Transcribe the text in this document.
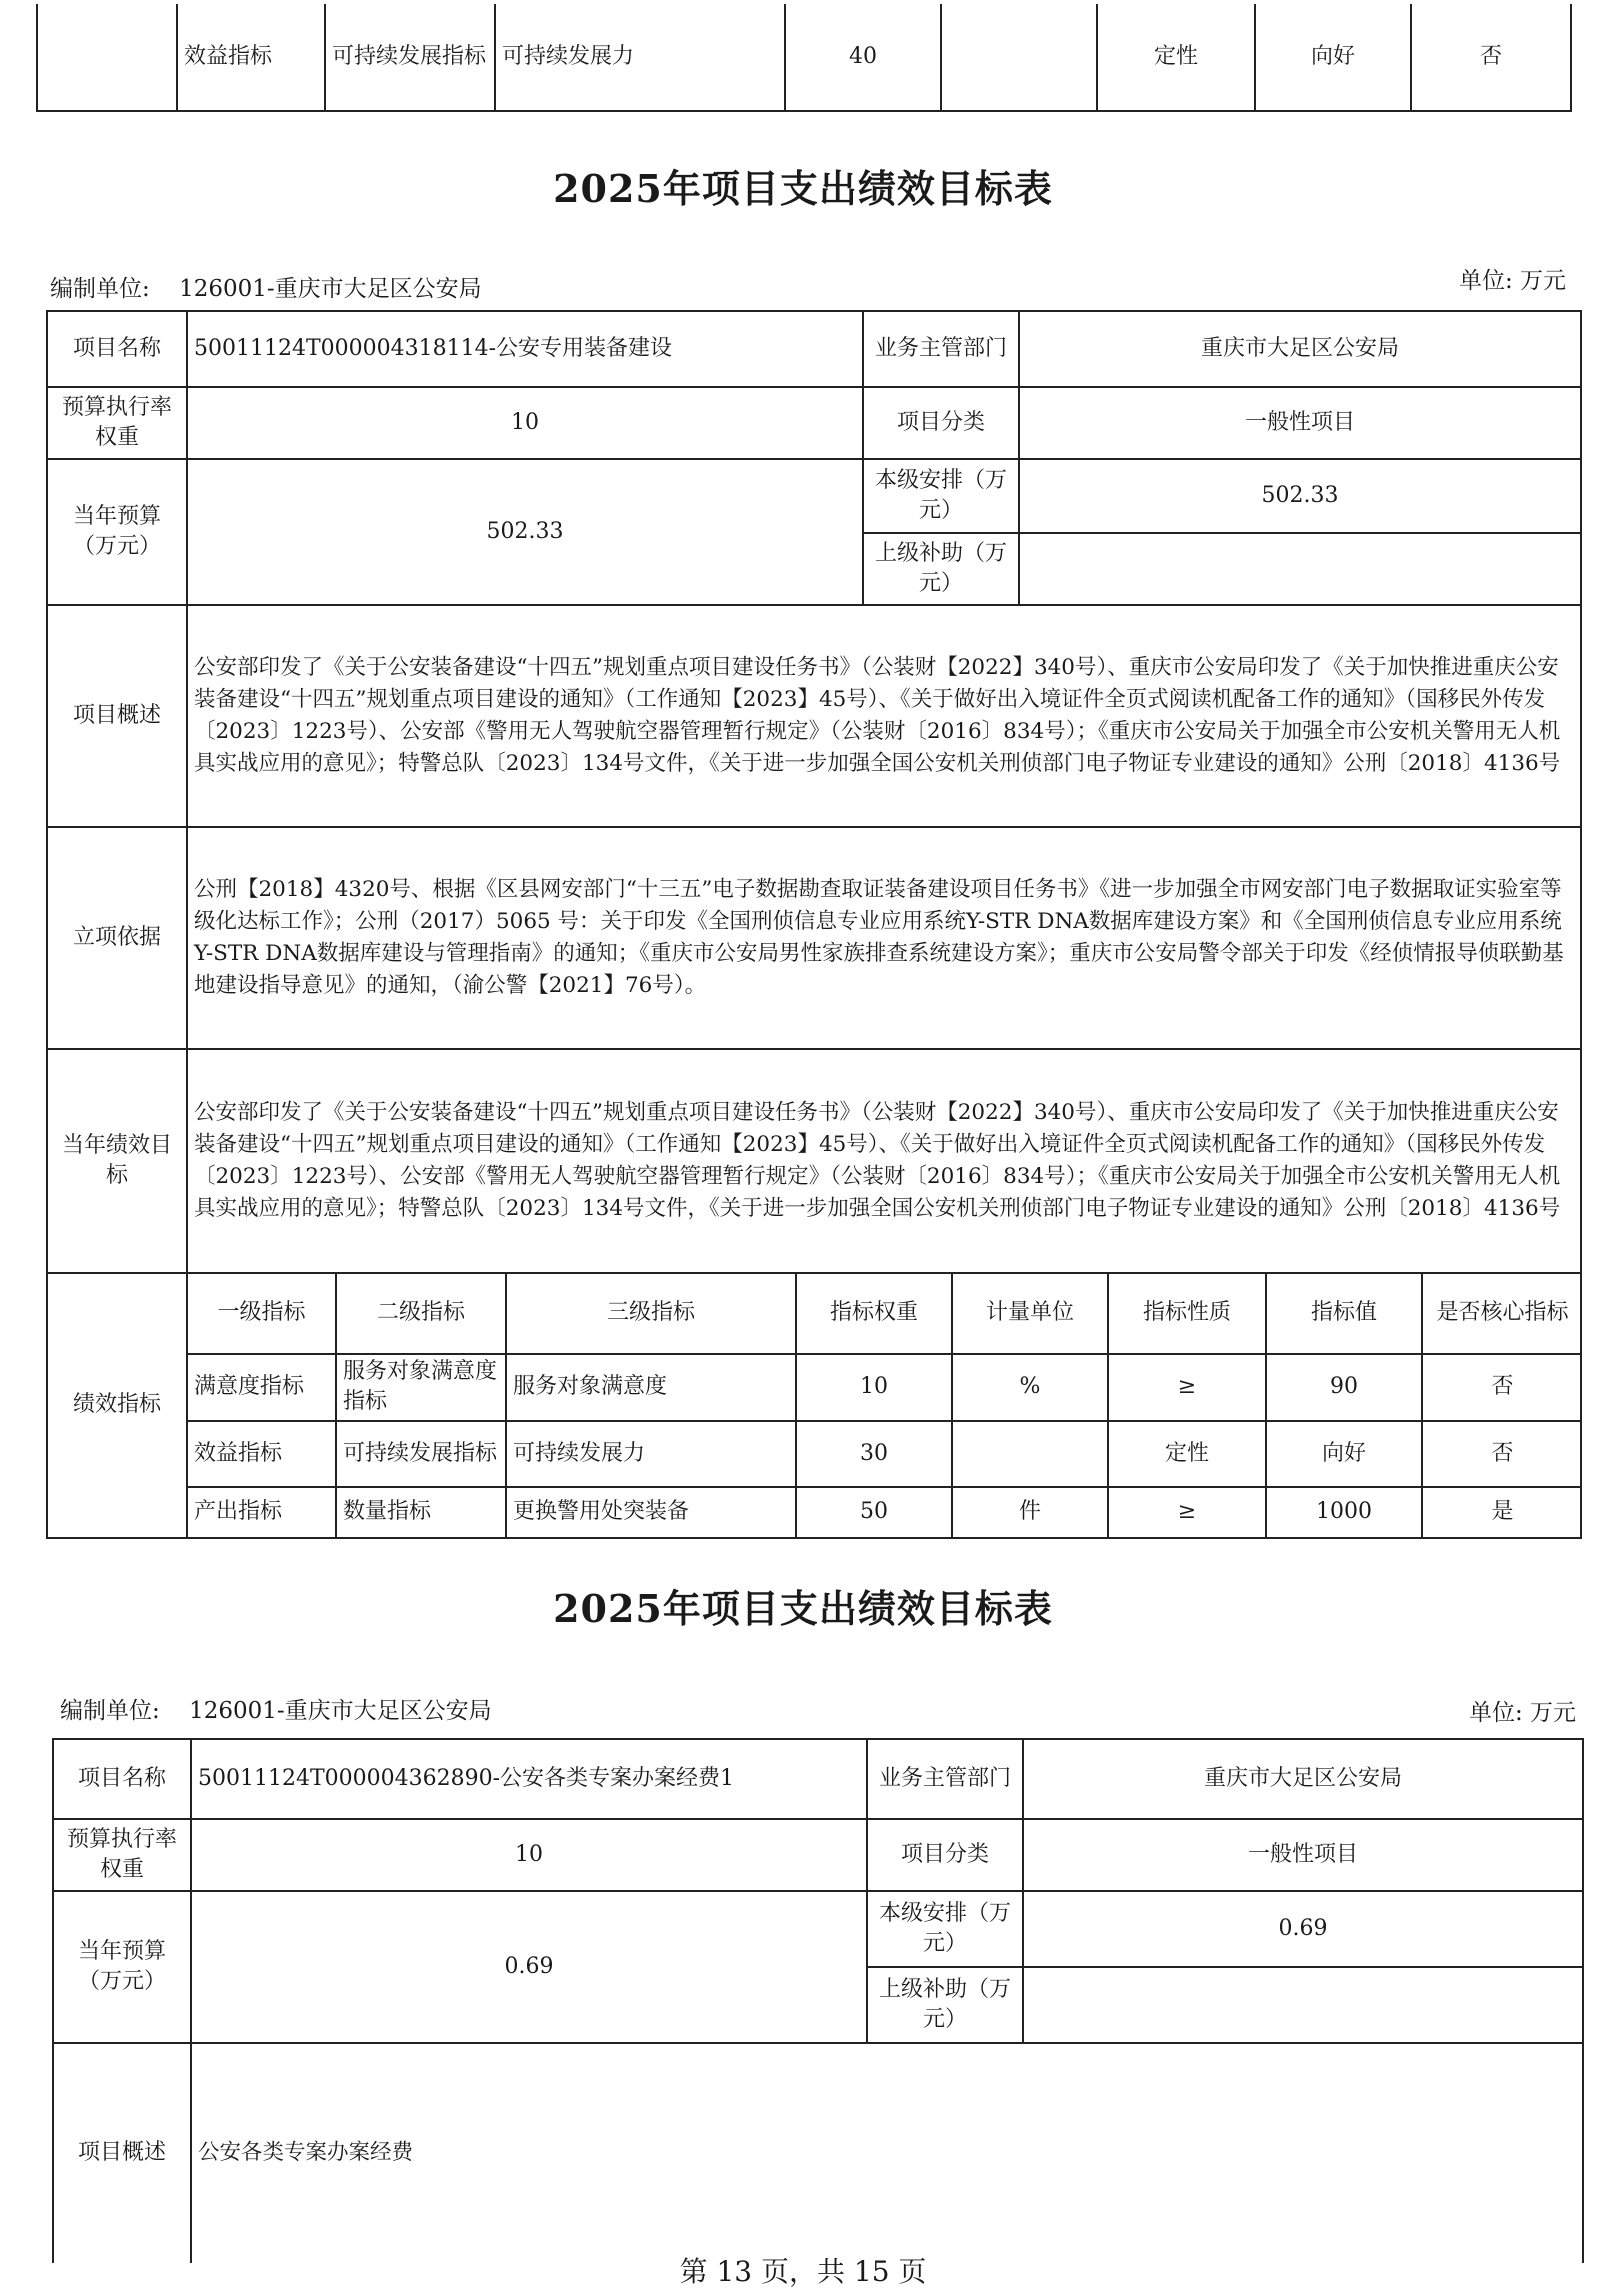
	效益指标	可持续发展指标	可持续发展力	40		定性	向好	否
2025年项目支出绩效目标表
编制单位: 126001-重庆市大足区公安局	单位: 万元
项目名称	50011124T000004318114-公安专用装备建设	业务主管部门	重庆市大足区公安局
预算执行率权重	10	项目分类	一般性项目
当年预算（万元）	502.33	本级安排（万元）	502.33
上级补助（万元）	
项目概述	公安部印发了《关于公安装备建设“十四五”规划重点项目建设任务书》（公装财【2022】340号）、重庆市公安局印发了《关于加快推进重庆公安装备建设“十四五”规划重点项目建设的通知》（工作通知【2023】45号）、《关于做好出入境证件全页式阅读机配备工作的通知》（国移民外传发〔2023〕1223号）、公安部《警用无人驾驶航空器管理暂行规定》（公装财〔2016〕834号）；《重庆市公安局关于加强全市公安机关警用无人机具实战应用的意见》；特警总队〔2023〕134号文件，《关于进一步加强全国公安机关刑侦部门电子物证专业建设的通知》公刑〔2018〕4136号
立项依据	公刑【2018】4320号、根据《区县网安部门“十三五”电子数据勘查取证装备建设项目任务书》《进一步加强全市网安部门电子数据取证实验室等级化达标工作》；公刑（2017）5065 号：关于印发《全国刑侦信息专业应用系统Y-STR DNA数据库建设方案》和《全国刑侦信息专业应用系统Y-STR DNA数据库建设与管理指南》的通知；《重庆市公安局男性家族排查系统建设方案》；重庆市公安局警令部关于印发《经侦情报导侦联勤基地建设指导意见》的通知，（渝公警【2021】76号）。
当年绩效目标	公安部印发了《关于公安装备建设“十四五”规划重点项目建设任务书》（公装财【2022】340号）、重庆市公安局印发了《关于加快推进重庆公安装备建设“十四五”规划重点项目建设的通知》（工作通知【2023】45号）、《关于做好出入境证件全页式阅读机配备工作的通知》（国移民外传发〔2023〕1223号）、公安部《警用无人驾驶航空器管理暂行规定》（公装财〔2016〕834号）；《重庆市公安局关于加强全市公安机关警用无人机具实战应用的意见》；特警总队〔2023〕134号文件，《关于进一步加强全国公安机关刑侦部门电子物证专业建设的通知》公刑〔2018〕4136号
绩效指标	
一级指标	二级指标	三级指标	指标权重	计量单位	指标性质	指标值	是否核心指标
满意度指标	服务对象满意度指标	服务对象满意度	10	%	≥	90	否
效益指标	可持续发展指标	可持续发展力	30		定性	向好	否
产出指标	数量指标	更换警用处突装备	50	件	≥	1000	是
2025年项目支出绩效目标表
编制单位: 126001-重庆市大足区公安局	单位: 万元
项目名称	50011124T000004362890-公安各类专案办案经费1	业务主管部门	重庆市大足区公安局
预算执行率权重	10	项目分类	一般性项目
当年预算（万元）	0.69	本级安排（万元）	0.69
		上级补助（万元）	
项目概述	公安各类专案办案经费		
第 13 页，共 15 页
